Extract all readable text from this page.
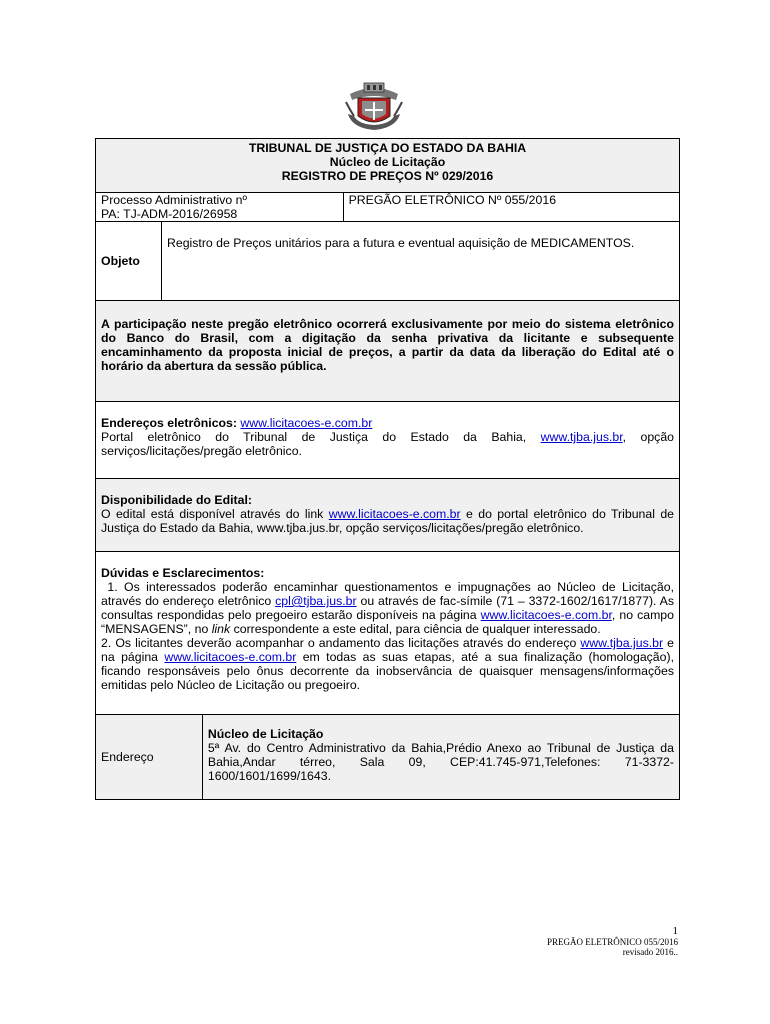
TRIBUNAL DE JUSTIÇA DO ESTADO DA BAHIA
Núcleo de Licitação
REGISTRO DE PREÇOS Nº 029/2016			

Processo Administrativo nº
PA: TJ-ADM-2016/26958			PREGÃO ELETRÔNICO Nº 055/2016

Objeto	Registro de Preços unitários para a futura e eventual aquisição de MEDICAMENTOS.		
A participação neste pregão eletrônico ocorrerá exclusivamente por meio do sistema eletrônico do Banco do Brasil, com a digitação da senha privativa da licitante e subsequente encaminhamento da proposta inicial de preços, a partir da data da liberação do Edital até o horário da abertura da sessão pública.			
Endereços eletrônicos: www.licitacoes-e.com.br
Portal eletrônico do Tribunal de Justiça do Estado da Bahia, www.tjba.jus.br, opção serviços/licitações/pregão eletrônico.			

Disponibilidade do Edital:
O edital está disponível através do link www.licitacoes-e.com.br e do portal eletrônico do Tribunal de Justiça do Estado da Bahia, www.tjba.jus.br, opção serviços/licitações/pregão eletrônico.			

Dúvidas e Esclarecimentos:
1. Os interessados poderão encaminhar questionamentos e impugnações ao Núcleo de Licitação, através do endereço eletrônico cpl@tjba.jus.br ou através de fac-símile (71 – 3372-1602/1617/1877). As consultas respondidas pelo pregoeiro estarão disponíveis na página www.licitacoes-e.com.br, no campo “MENSAGENS”, no link correspondente a este edital, para ciência de qualquer interessado.
2. Os licitantes deverão acompanhar o andamento das licitações através do endereço www.tjba.jus.br e na página www.licitacoes-e.com.br em todas as suas etapas, até a sua finalização (homologação), ficando responsáveis pelo ônus decorrente da inobservância de quaisquer mensagens/informações emitidas pelo Núcleo de Licitação ou pregoeiro.			

Endereço		Núcleo de Licitação
5ª Av. do Centro Administrativo da Bahia,Prédio Anexo ao Tribunal de Justiça da Bahia,Andar térreo, Sala 09, CEP:41.745-971,Telefones: 71-3372-1600/1601/1699/1643.	
1
PREGÃO ELETRÔNICO 055/2016
revisado 2016..
